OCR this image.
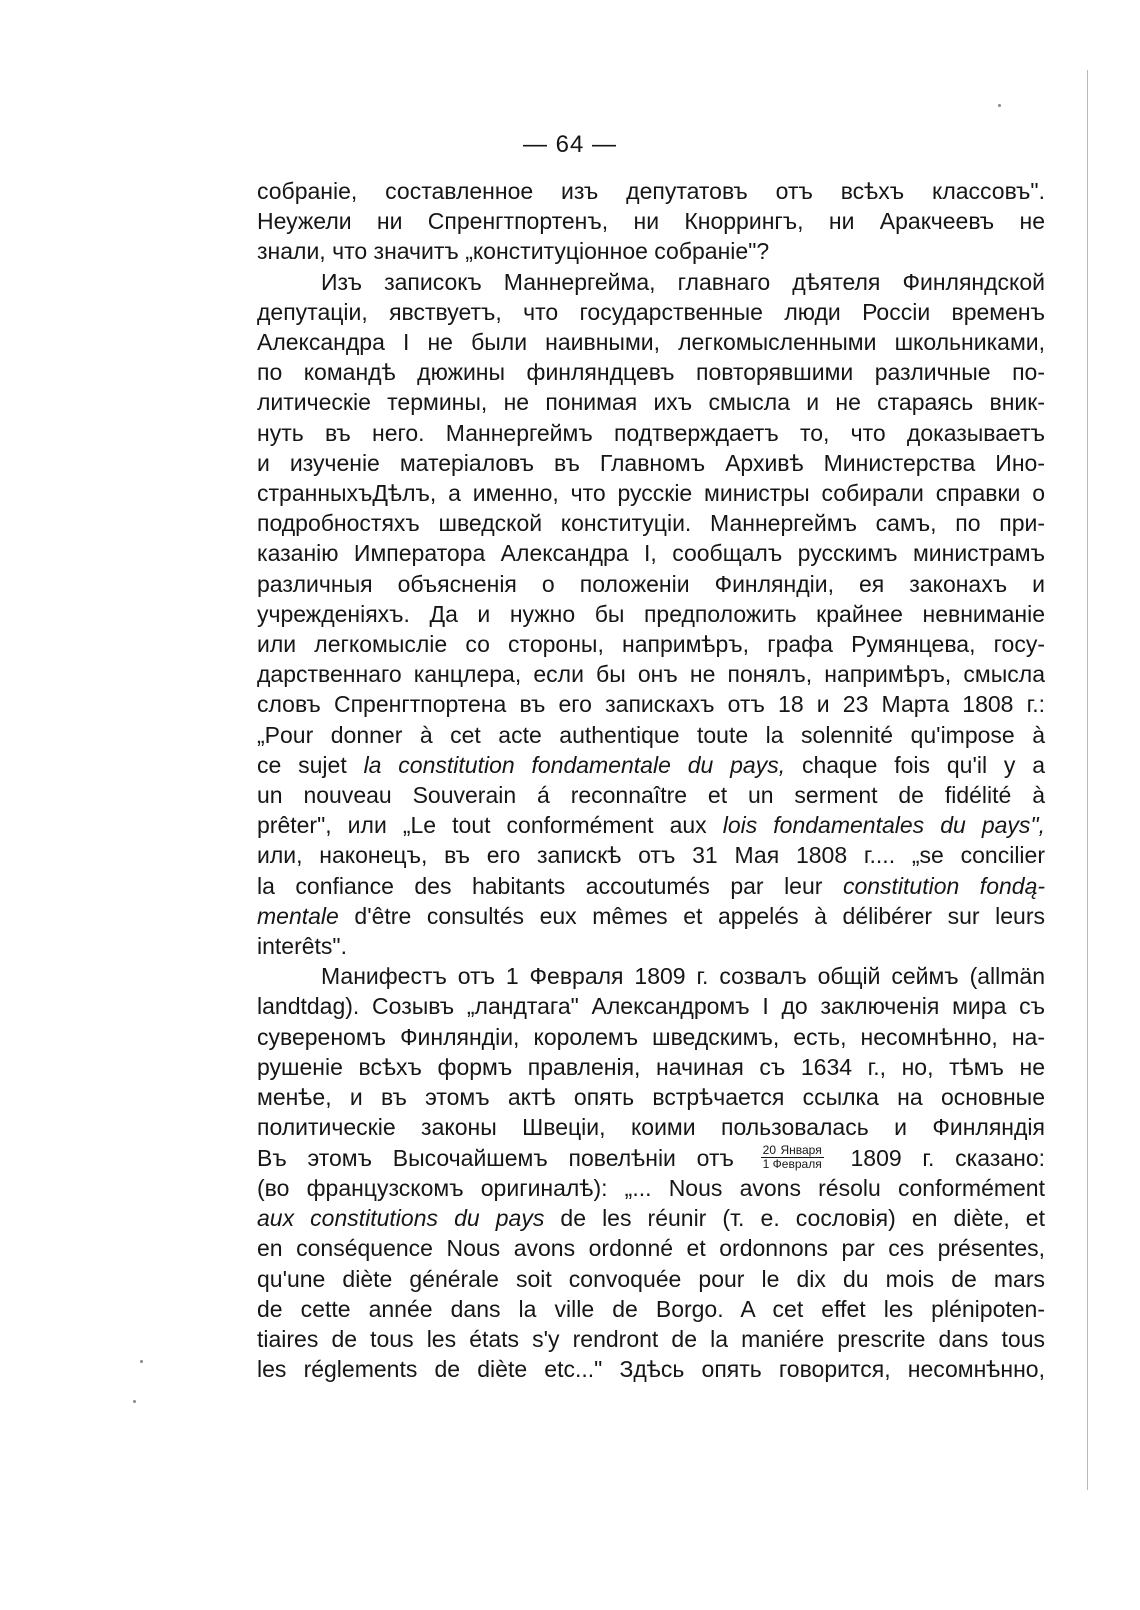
— 64 —
собраніе, составленное изъ депутатовъ отъ всѣхъ классовъ".
Неужели ни Спренгтпортенъ, ни Кноррингъ, ни Аракчеевъ не
знали, что значитъ „конституціонное собраніе"?
Изъ записокъ Маннергейма, главнаго дѣятеля Финляндской
депутаціи, явствуетъ, что государственные люди Россіи временъ
Александра I не были наивными, легкомысленными школьниками,
по командѣ дюжины финляндцевъ повторявшими различные по-
литическіе термины, не понимая ихъ смысла и не стараясь вник-
нуть въ него. Маннергеймъ подтверждаетъ то, что доказываетъ
и изученіе матеріаловъ въ Главномъ Архивѣ Министерства Ино-
странныхъДѣлъ, а именно, что русскіе министры собирали справки о
подробностяхъ шведской конституціи. Маннергеймъ самъ, по при-
казанію Императора Александра I, сообщалъ русскимъ министрамъ
различныя объясненія о положеніи Финляндіи, ея законахъ и
учрежденіяхъ. Да и нужно бы предположить крайнее невниманіе
или легкомысліе со стороны, напримѣръ, графа Румянцева, госу-
дарственнаго канцлера, если бы онъ не понялъ, напримѣръ, смысла
словъ Спренгтпортена въ его запискахъ отъ 18 и 23 Марта 1808 г.:
„Pour donner à cet acte authentique toute la solennité qu'impose à
ce sujet la constitution fondamentale du pays, chaque fois qu'il y a
un nouveau Souverain á reconnaître et un serment de fidélité à
prêter", или „Le tout conformément aux lois fondamentales du pays",
или, наконецъ, въ его запискѣ отъ 31 Мая 1808 г.... „se concilier
la confiance des habitants accoutumés par leur constitution fondą-
mentale d'être consultés eux mêmes et appelés à délibérer sur leurs
interêts".
Манифестъ отъ 1 Февраля 1809 г. созвалъ общій сеймъ (allmän
landtdag). Созывъ „ландтага" Александромъ I до заключенія мира съ
сувереномъ Финляндіи, королемъ шведскимъ, есть, несомнѣнно, на-
рушеніе всѣхъ формъ правленія, начиная съ 1634 г., но, тѣмъ не
менѣе, и въ этомъ актѣ опять встрѣчается ссылка на основные
политическіе законы Швеціи, коими пользовалась и Финляндія
Въ этомъ Высочайшемъ повелѣніи отъ $\frac{\text{20 Января}}{\text{1 Февраля}} 1809$ г. сказано:
(во французскомъ оригиналѣ): „... Nous avons résolu conformément
aux constitutions du pays de les réunir (т. е. сословія) en diète, et
en conséquence Nous avons ordonné et ordonnons par ces présentes,
qu'une diète générale soit convoquée pour le dix du mois de mars
de cette année dans la ville de Borgo. A cet effet les plénipoten-
tiaires de tous les états s'y rendront de la maniére prescrite dans tous
les réglements de diète etc..." Здѣсь опять говорится, несомнѣнно,
